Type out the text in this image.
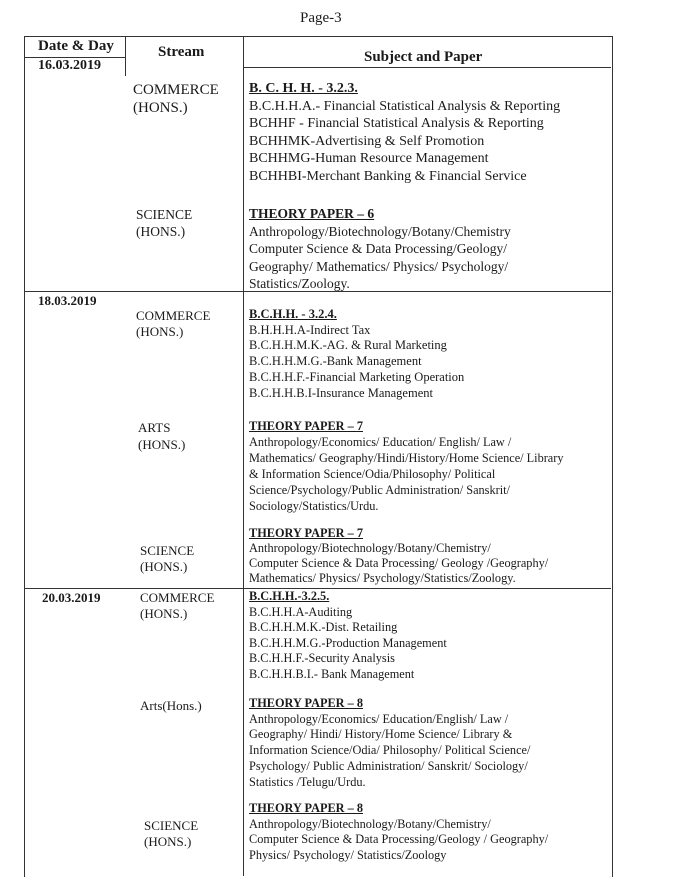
Page-3
Date & Day	Stream	Subject and Paper
16.03.2019
18.03.2019
20.03.2019
COMMERCE
(HONS.)
SCIENCE
(HONS.)
COMMERCE
(HONS.)
ARTS
(HONS.)
SCIENCE
(HONS.)
COMMERCE
(HONS.)
Arts(Hons.)
SCIENCE
(HONS.)
B. C. H. H. - 3.2.3.
B.C.H.H.A.- Financial Statistical Analysis & Reporting
BCHHF - Financial Statistical Analysis & Reporting
BCHHMK-Advertising & Self Promotion
BCHHMG-Human Resource Management
BCHHBI-Merchant Banking & Financial Service
THEORY PAPER – 6
Anthropology/Biotechnology/Botany/Chemistry
Computer Science & Data Processing/Geology/
Geography/ Mathematics/ Physics/ Psychology/
Statistics/Zoology.
B.C.H.H. - 3.2.4.
B.H.H.H.A-Indirect Tax
B.C.H.H.M.K.-AG. & Rural Marketing
B.C.H.H.M.G.-Bank Management
B.C.H.H.F.-Financial Marketing Operation
B.C.H.H.B.I-Insurance Management
THEORY PAPER – 7
Anthropology/Economics/ Education/ English/ Law /
Mathematics/ Geography/Hindi/History/Home Science/ Library
& Information Science/Odia/Philosophy/ Political
Science/Psychology/Public Administration/ Sanskrit/
Sociology/Statistics/Urdu.
THEORY PAPER – 7
Anthropology/Biotechnology/Botany/Chemistry/
Computer Science & Data Processing/ Geology /Geography/
Mathematics/ Physics/ Psychology/Statistics/Zoology.
B.C.H.H.-3.2.5.
B.C.H.H.A-Auditing
B.C.H.H.M.K.-Dist. Retailing
B.C.H.H.M.G.-Production Management
B.C.H.H.F.-Security Analysis
B.C.H.H.B.I.- Bank Management
THEORY PAPER – 8
Anthropology/Economics/ Education/English/ Law /
Geography/ Hindi/ History/Home Science/ Library &
Information Science/Odia/ Philosophy/ Political Science/
Psychology/ Public Administration/ Sanskrit/ Sociology/
Statistics /Telugu/Urdu.
THEORY PAPER – 8
Anthropology/Biotechnology/Botany/Chemistry/
Computer Science & Data Processing/Geology / Geography/
Physics/ Psychology/ Statistics/Zoology
